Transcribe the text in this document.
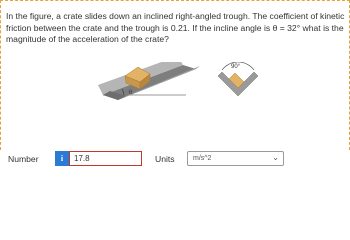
In the figure, a crate slides down an inclined right-angled trough. The coefficient of kinetic friction between the crate and the trough is 0.21. If the incline angle is θ = 32° what is the magnitude of the acceleration of the crate?
θ
90°
Number	i
17.8	Units	m/s^2	⌄
